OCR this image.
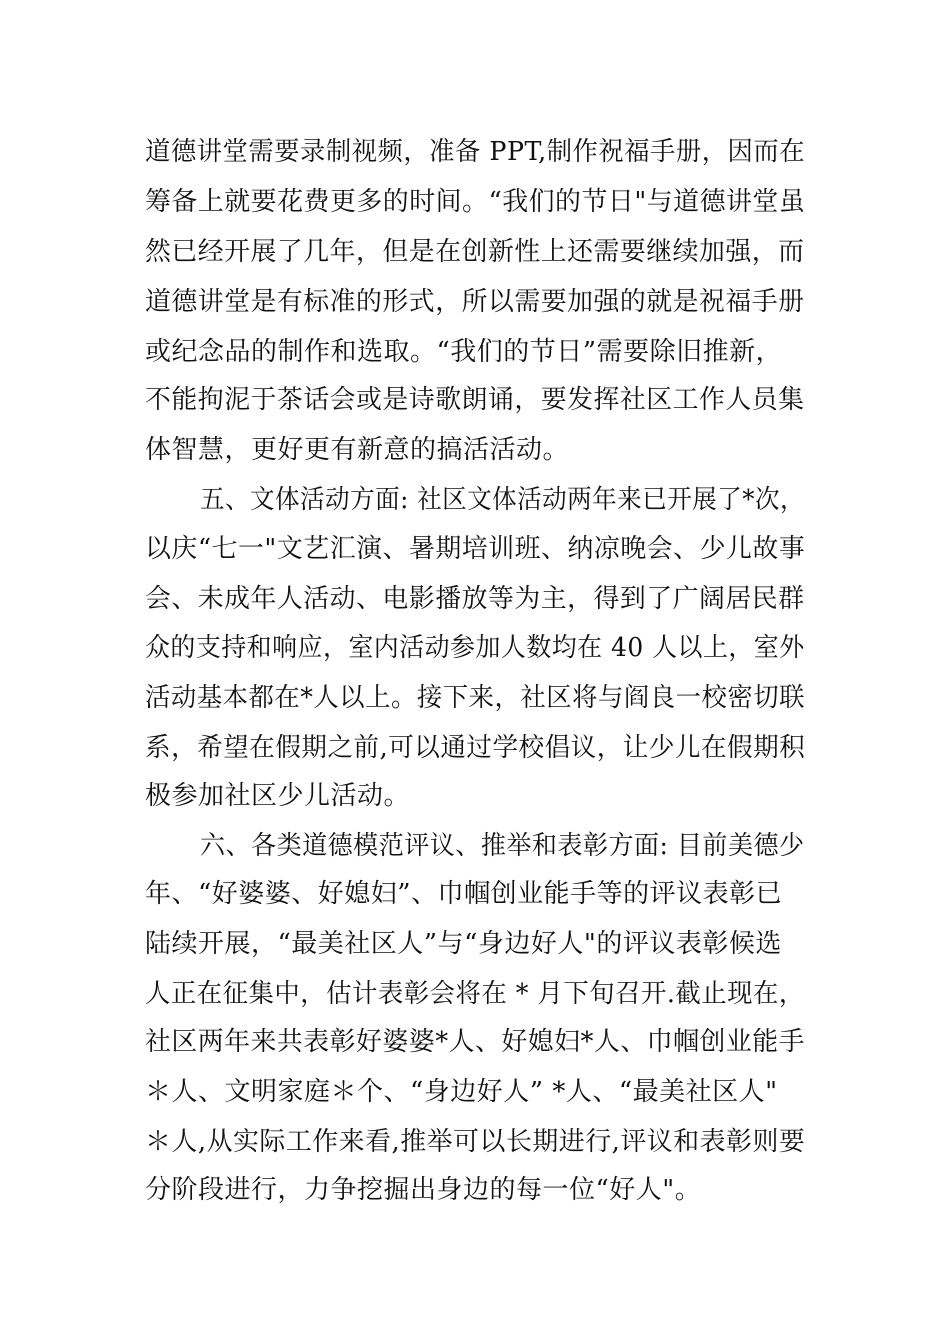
道德讲堂需要录制视频，准备 PPT,制作祝福手册，因而在

筹备上就要花费更多的时间。“我们的节日"与道德讲堂虽

然已经开展了几年，但是在创新性上还需要继续加强，而

道德讲堂是有标准的形式，所以需要加强的就是祝福手册

或纪念品的制作和选取。“我们的节日”需要除旧推新，

不能拘泥于茶话会或是诗歌朗诵，要发挥社区工作人员集

体智慧，更好更有新意的搞活活动。

五、文体活动方面: 社区文体活动两年来已开展了*次，

以庆“七一"文艺汇演、暑期培训班、纳凉晚会、少儿故事

会、未成年人活动、电影播放等为主，得到了广阔居民群

众的支持和响应，室内活动参加人数均在 40 人以上，室外

活动基本都在*人以上。接下来，社区将与阎良一校密切联

系，希望在假期之前,可以通过学校倡议，让少儿在假期积

极参加社区少儿活动。

六、各类道德模范评议、推举和表彰方面: 目前美德少

年、“好婆婆、好媳妇”、巾帼创业能手等的评议表彰已

陆续开展，“最美社区人”与“身边好人"的评议表彰候选

人正在征集中，估计表彰会将在 * 月下旬召开.截止现在，

社区两年来共表彰好婆婆*人、好媳妇*人、巾帼创业能手

＊人、文明家庭＊个、“身边好人” *人、“最美社区人"

＊人,从实际工作来看,推举可以长期进行,评议和表彰则要

分阶段进行，力争挖掘出身边的每一位“好人"。
